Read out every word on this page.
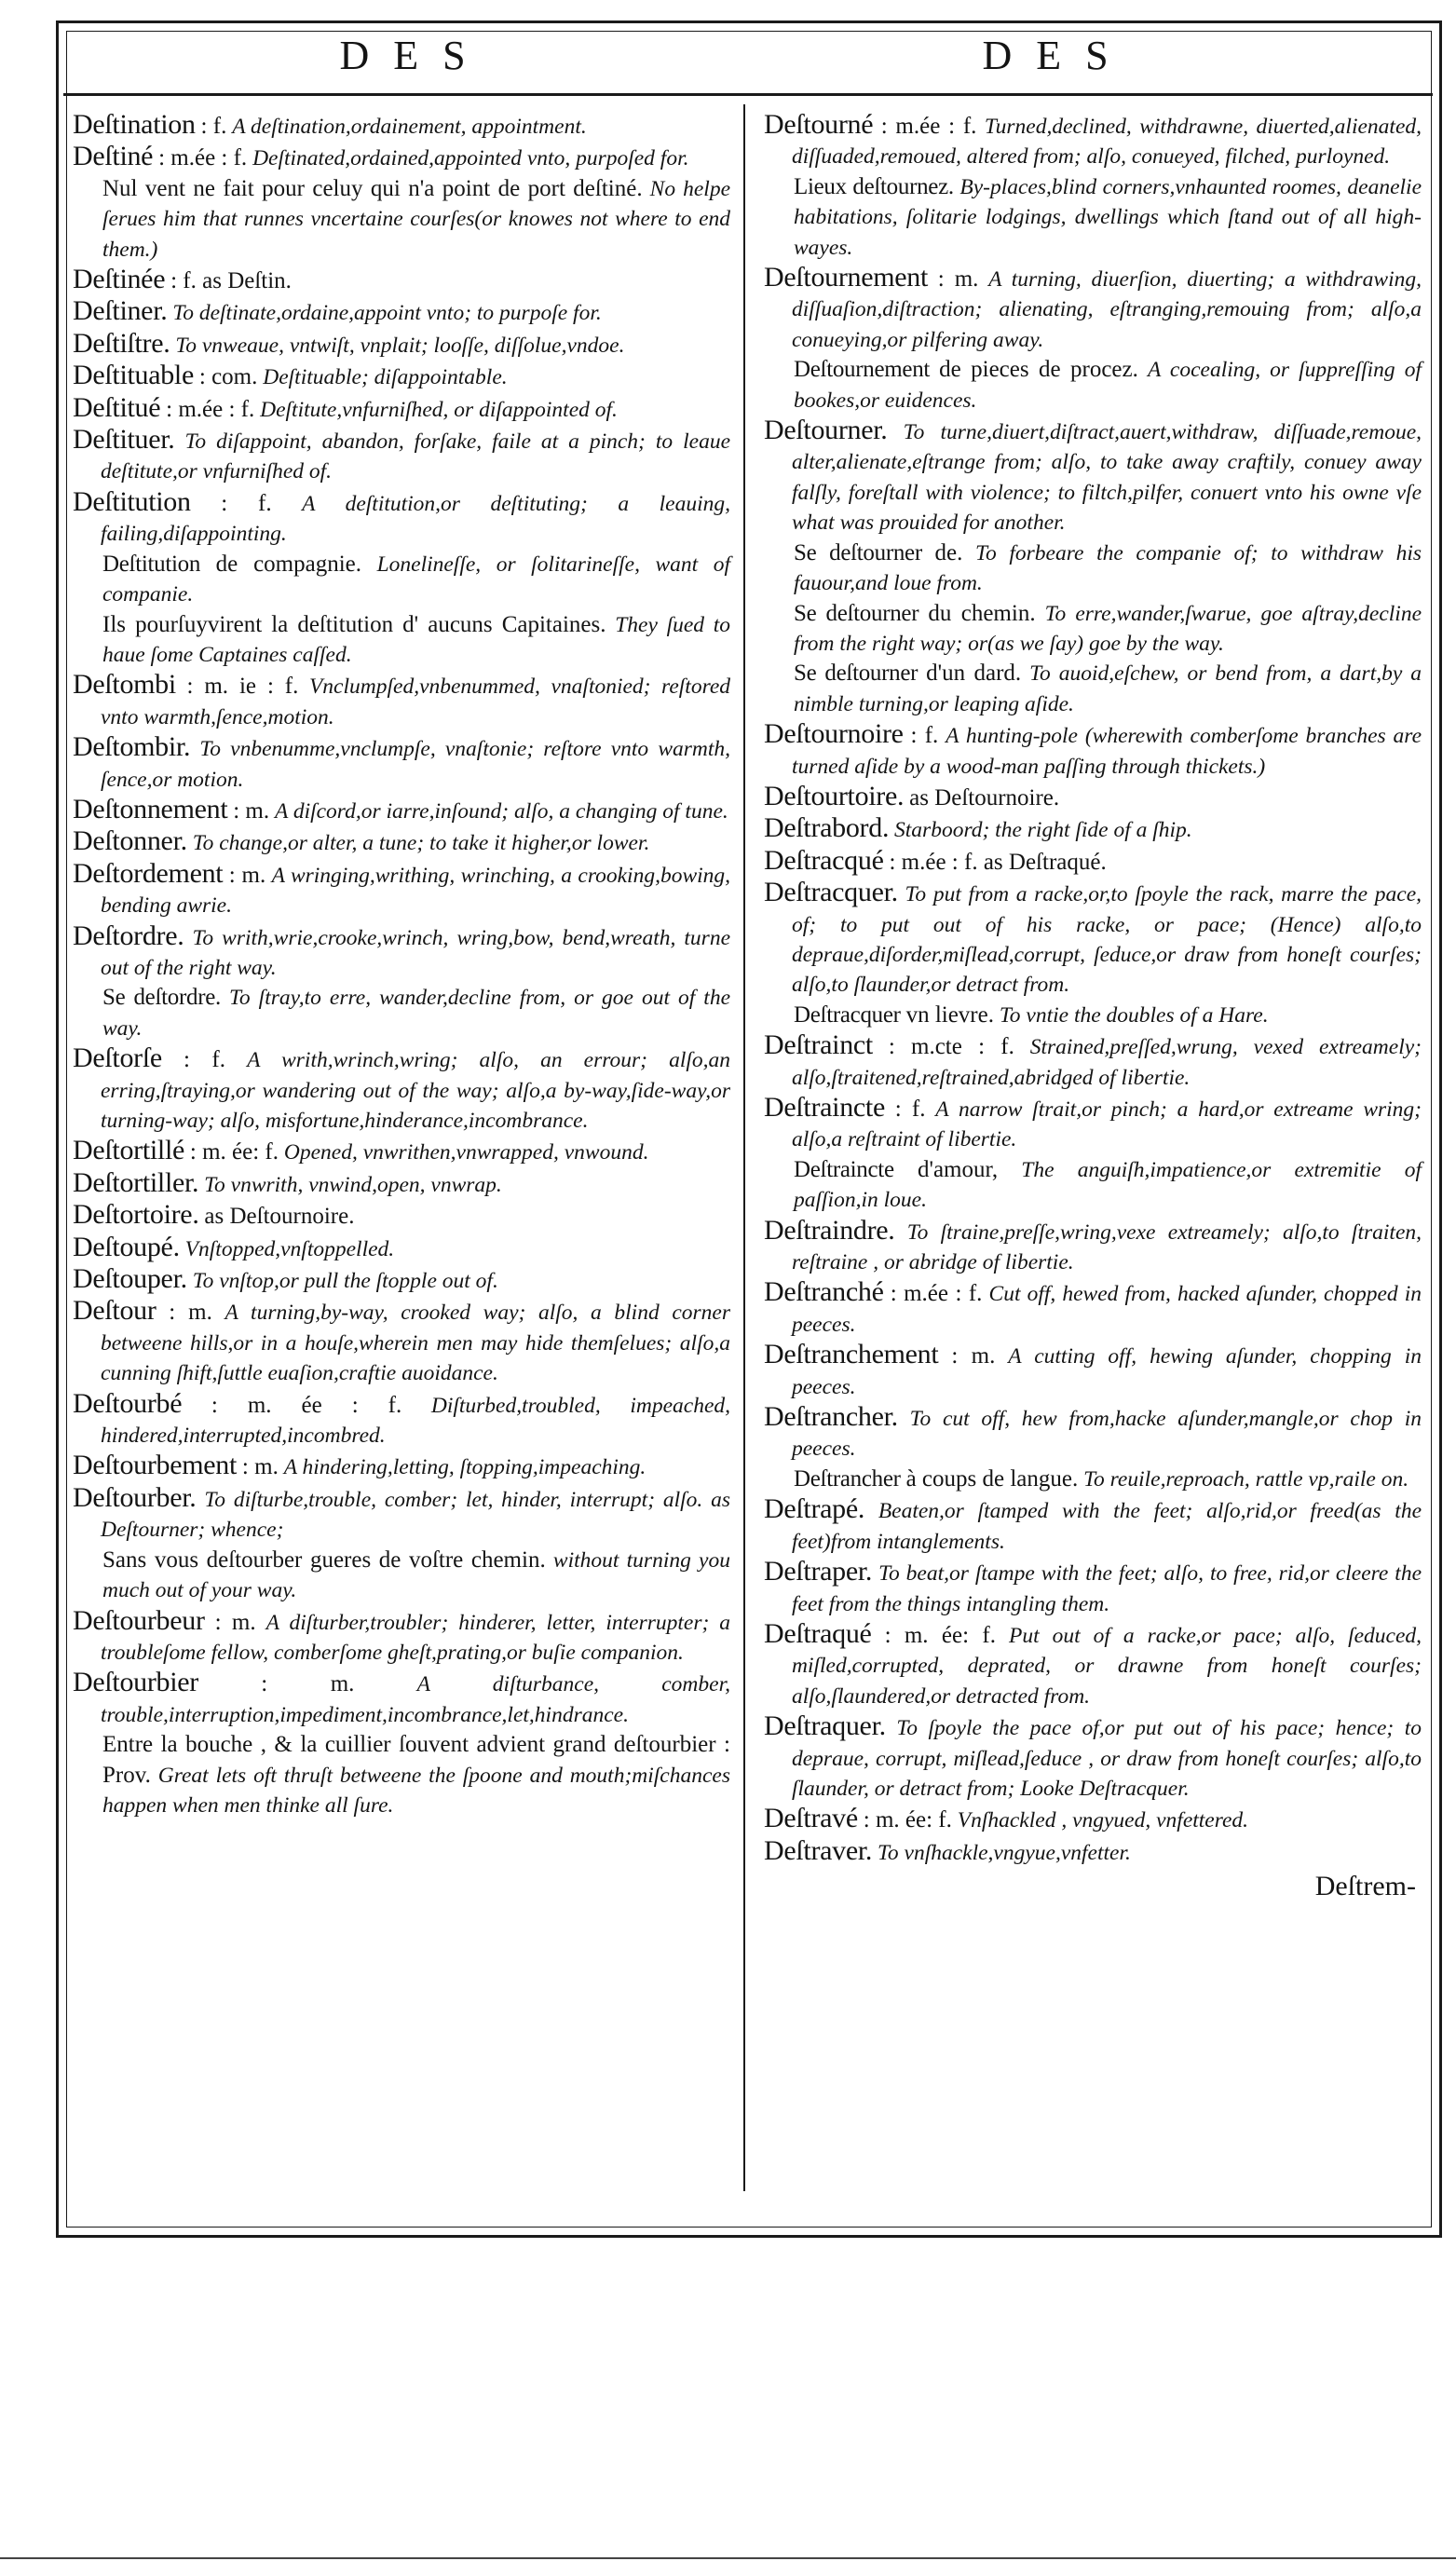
DES	DES

Deſtination : f. A deſtination,ordainement, appointment.

Deſtiné : m.ée : f. Deſtinated,ordained,appointed vnto, purpoſed for.

Nul vent ne fait pour celuy qui n'a point de port deſtiné. No helpe ſerues him that runnes vncertaine courſes(or knowes not where to end them.)

Deſtinée : f. as Deſtin.

Deſtiner. To deſtinate,ordaine,appoint vnto; to purpoſe for.

Deſtiſtre. To vnweaue, vntwiſt, vnplait; looſſe, diſſolue,vndoe.

Deſtituable : com. Deſtituable; diſappointable.

Deſtitué : m.ée : f. Deſtitute,vnfurniſhed, or diſappointed of.

Deſtituer. To diſappoint, abandon, forſake, faile at a pinch; to leaue deſtitute,or vnfurniſhed of.

Deſtitution : f. A deſtitution,or deſtituting; a leauing, failing,diſappointing.

Deſtitution de compagnie. Lonelineſſe, or ſolitarineſſe, want of companie.

Ils pourſuyvirent la deſtitution d' aucuns Capitaines. They ſued to haue ſome Captaines caſſed.

Deſtombi : m. ie : f. Vnclumpſed,vnbenummed, vnaſtonied; reſtored vnto warmth,ſence,motion.

Deſtombir. To vnbenumme,vnclumpſe, vnaſtonie; reſtore vnto warmth, ſence,or motion.

Deſtonnement : m. A diſcord,or iarre,inſound; alſo, a changing of tune.

Deſtonner. To change,or alter, a tune; to take it higher,or lower.

Deſtordement : m. A wringing,writhing, wrinching, a crooking,bowing, bending awrie.

Deſtordre. To writh,wrie,crooke,wrinch, wring,bow, bend,wreath, turne out of the right way.

Se deſtordre. To ſtray,to erre, wander,decline from, or goe out of the way.

Deſtorſe : f. A writh,wrinch,wring; alſo, an errour; alſo,an erring,ſtraying,or wandering out of the way; alſo,a by-way,ſide-way,or turning-way; alſo, misfortune,hinderance,incombrance.

Deſtortillé : m. ée: f. Opened, vnwrithen,vnwrapped, vnwound.

Deſtortiller. To vnwrith, vnwind,open, vnwrap.

Deſtortoire. as Deſtournoire.

Deſtoupé. Vnſtopped,vnſtoppelled.

Deſtouper. To vnſtop,or pull the ſtopple out of.

Deſtour : m. A turning,by-way, crooked way; alſo, a blind corner betweene hills,or in a houſe,wherein men may hide themſelues; alſo,a cunning ſhift,ſuttle euaſion,craftie auoidance.

Deſtourbé : m. ée : f. Diſturbed,troubled, impeached, hindered,interrupted,incombred.

Deſtourbement : m. A hindering,letting, ſtopping,impeaching.

Deſtourber. To diſturbe,trouble, comber; let, hinder, interrupt; alſo. as Deſtourner; whence;

Sans vous deſtourber gueres de voſtre chemin. without turning you much out of your way.

Deſtourbeur : m. A diſturber,troubler; hinderer, letter, interrupter; a troubleſome fellow, comberſome gheſt,prating,or buſie companion.

Deſtourbier	: m.	A diſturbance, comber, trouble,interruption,impediment,incombrance,let,hindrance.

Entre la bouche , & la cuillier ſouvent advient grand deſtourbier : Prov. Great lets oft thruſt betweene the ſpoone and mouth;miſchances happen when men thinke all ſure.

Deſtourné : m.ée : f. Turned,declined, withdrawne, diuerted,alienated, diſſuaded,remoued, altered from; alſo, conueyed, filched, purloyned.

Lieux deſtournez. By-places,blind corners,vnhaunted roomes, deanelie habitations, ſolitarie lodgings, dwellings which ſtand out of all high-wayes.

Deſtournement : m. A turning, diuerſion, diuerting; a withdrawing, diſſuaſion,diſtraction; alienating, eſtranging,remouing from; alſo,a conueying,or pilfering away.

Deſtournement de pieces de procez. A cocealing, or ſuppreſſing of bookes,or euidences.

Deſtourner. To turne,diuert,diſtract,auert,withdraw, diſſuade,remoue, alter,alienate,eſtrange from; alſo, to take away craftily, conuey away falſly, foreſtall with violence; to filtch,pilfer, conuert vnto his owne vſe what was prouided for another.

Se deſtourner de. To forbeare the companie of; to withdraw his fauour,and loue from.

Se deſtourner du chemin. To erre,wander,ſwarue, goe aſtray,decline from the right way; or(as we ſay) goe by the way.

Se deſtourner d'un dard. To auoid,eſchew, or bend from, a dart,by a nimble turning,or leaping aſide.

Deſtournoire : f. A hunting-pole (wherewith comberſome branches are turned aſide by a wood-man paſſing through thickets.)

Deſtourtoire. as Deſtournoire.

Deſtrabord. Starboord; the right ſide of a ſhip.

Deſtracqué : m.ée : f. as Deſtraqué.

Deſtracquer. To put from a racke,or,to ſpoyle the rack, marre the pace, of; to put out of his racke, or pace; (Hence) alſo,to depraue,diſorder,miſlead,corrupt, ſeduce,or draw from honeſt courſes; alſo,to ſlaunder,or detract from.

Deſtracquer vn lievre. To vntie the doubles of a Hare.

Deſtrainct : m.cte : f. Strained,preſſed,wrung, vexed extreamely; alſo,ſtraitened,reſtrained,abridged of libertie.

Deſtraincte : f. A narrow ſtrait,or pinch; a hard,or extreame wring; alſo,a reſtraint of libertie.

Deſtraincte d'amour, The anguiſh,impatience,or extremitie of paſſion,in loue.

Deſtraindre. To ſtraine,preſſe,wring,vexe extreamely; alſo,to ſtraiten, reſtraine , or abridge of libertie.

Deſtranché : m.ée : f. Cut off, hewed from, hacked aſunder, chopped in peeces.

Deſtranchement : m. A cutting off, hewing aſunder, chopping in peeces.

Deſtrancher. To cut off, hew from,hacke aſunder,mangle,or chop in peeces.

Deſtrancher à coups de langue. To reuile,reproach, rattle vp,raile on.

Deſtrapé. Beaten,or ſtamped with the feet; alſo,rid,or freed(as the feet)from intanglements.

Deſtraper. To beat,or ſtampe with the feet; alſo, to free, rid,or cleere the feet from the things intangling them.

Deſtraqué : m. ée: f. Put out of a racke,or pace; alſo, ſeduced, miſled,corrupted, deprated, or drawne from honeſt courſes; alſo,ſlaundered,or detracted from.

Deſtraquer. To ſpoyle the pace of,or put out of his pace; hence; to depraue, corrupt, miſlead,ſeduce , or draw from honeſt courſes; alſo,to ſlaunder, or detract from; Looke Deſtracquer.

Deſtravé : m. ée: f. Vnſhackled , vngyued, vnfettered.

Deſtraver. To vnſhackle,vngyue,vnfetter.

Deſtrem-
